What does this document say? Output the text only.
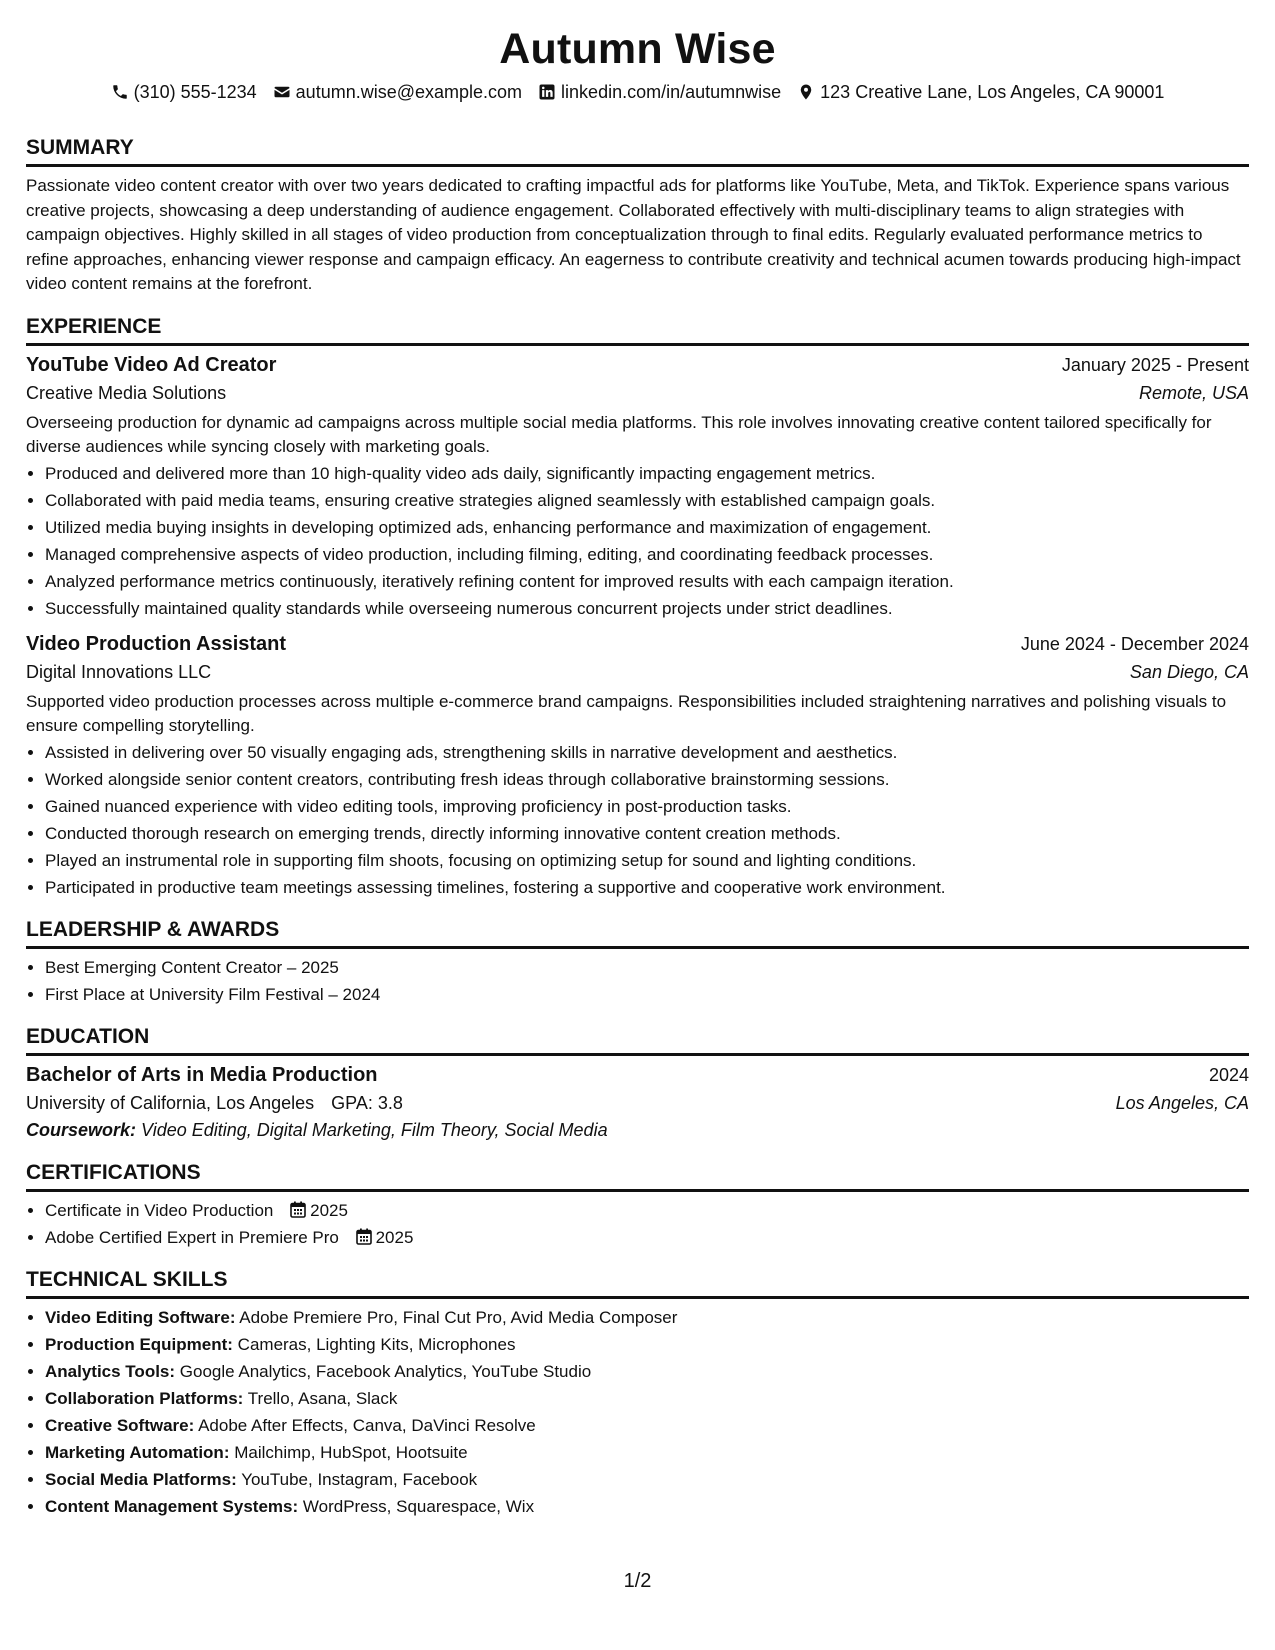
Autumn Wise
(310) 555-1234 autumn.wise@example.com linkedin.com/in/autumnwise 123 Creative Lane, Los Angeles, CA 90001
SUMMARY

Passionate video content creator with over two years dedicated to crafting impactful ads for platforms like YouTube, Meta, and TikTok. Experience spans various creative projects, showcasing a deep understanding of audience engagement. Collaborated effectively with multi-disciplinary teams to align strategies with campaign objectives. Highly skilled in all stages of video production from conceptualization through to final edits. Regularly evaluated performance metrics to refine approaches, enhancing viewer response and campaign efficacy. An eagerness to contribute creativity and technical acumen towards producing high-impact video content remains at the forefront.

EXPERIENCE
YouTube Video Ad Creator	January 2025 - Present
Creative Media Solutions	Remote, USA

Overseeing production for dynamic ad campaigns across multiple social media platforms. This role involves innovating creative content tailored specifically for diverse audiences while syncing closely with marketing goals.

• Produced and delivered more than 10 high-quality video ads daily, significantly impacting engagement metrics.
• Collaborated with paid media teams, ensuring creative strategies aligned seamlessly with established campaign goals.
• Utilized media buying insights in developing optimized ads, enhancing performance and maximization of engagement.
• Managed comprehensive aspects of video production, including filming, editing, and coordinating feedback processes.
• Analyzed performance metrics continuously, iteratively refining content for improved results with each campaign iteration.
• Successfully maintained quality standards while overseeing numerous concurrent projects under strict deadlines.
Video Production Assistant	June 2024 - December 2024
Digital Innovations LLC	San Diego, CA

Supported video production processes across multiple e-commerce brand campaigns. Responsibilities included straightening narratives and polishing visuals to ensure compelling storytelling.

• Assisted in delivering over 50 visually engaging ads, strengthening skills in narrative development and aesthetics.
• Worked alongside senior content creators, contributing fresh ideas through collaborative brainstorming sessions.
• Gained nuanced experience with video editing tools, improving proficiency in post-production tasks.
• Conducted thorough research on emerging trends, directly informing innovative content creation methods.
• Played an instrumental role in supporting film shoots, focusing on optimizing setup for sound and lighting conditions.
• Participated in productive team meetings assessing timelines, fostering a supportive and cooperative work environment.
LEADERSHIP & AWARDS
• Best Emerging Content Creator – 2025
• First Place at University Film Festival – 2024
EDUCATION
Bachelor of Arts in Media Production	2024
University of California, Los Angeles GPA: 3.8	Los Angeles, CA
Coursework: Video Editing, Digital Marketing, Film Theory, Social Media
CERTIFICATIONS
• Certificate in Video Production 2025
• Adobe Certified Expert in Premiere Pro 2025
TECHNICAL SKILLS
• Video Editing Software: Adobe Premiere Pro, Final Cut Pro, Avid Media Composer
• Production Equipment: Cameras, Lighting Kits, Microphones
• Analytics Tools: Google Analytics, Facebook Analytics, YouTube Studio
• Collaboration Platforms: Trello, Asana, Slack
• Creative Software: Adobe After Effects, Canva, DaVinci Resolve
• Marketing Automation: Mailchimp, HubSpot, Hootsuite
• Social Media Platforms: YouTube, Instagram, Facebook
• Content Management Systems: WordPress, Squarespace, Wix
1/2
